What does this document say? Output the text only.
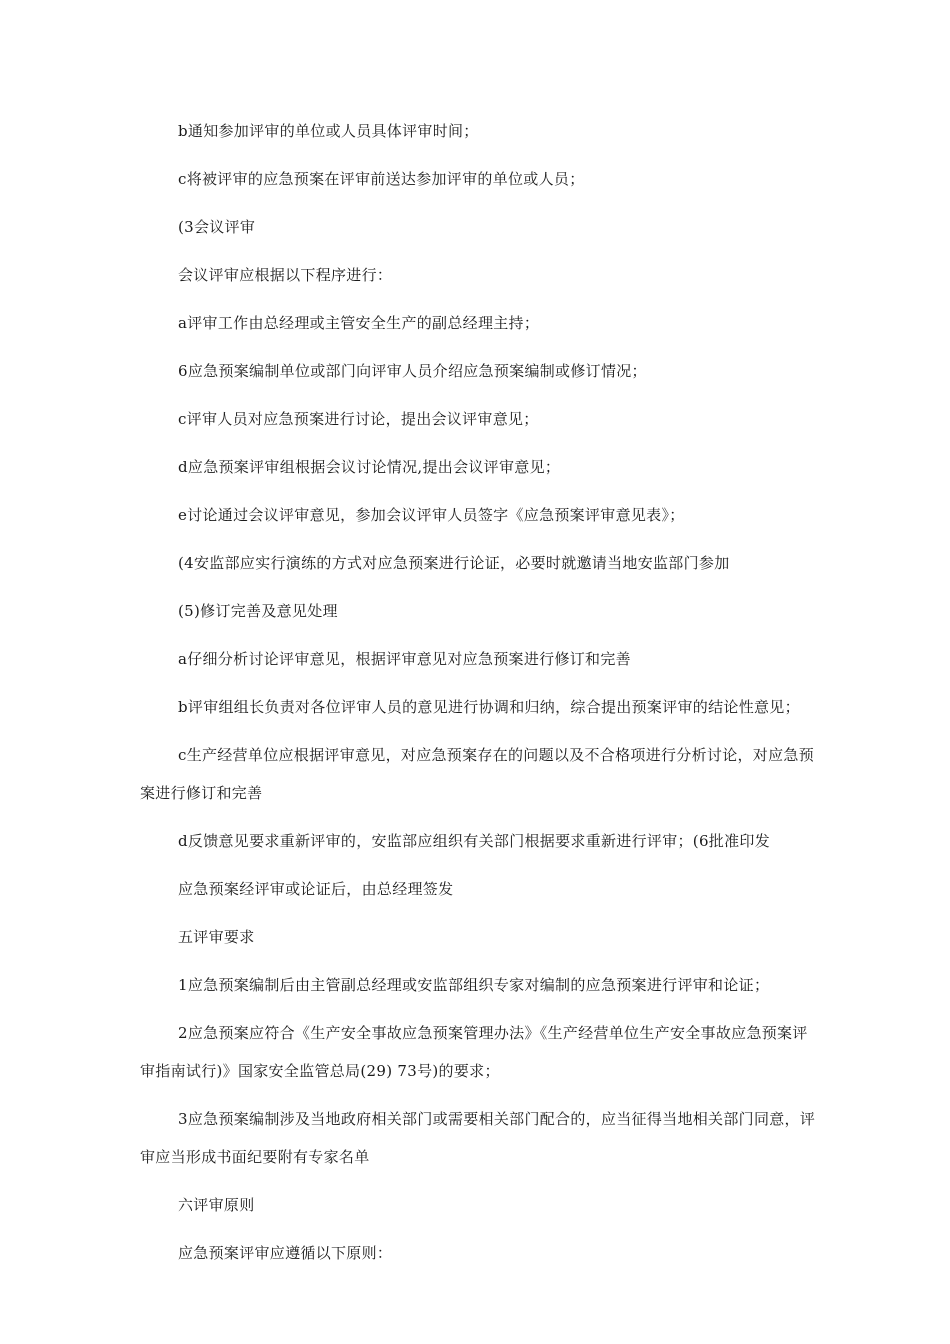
b通知参加评审的单位或人员具体评审时间；

c将被评审的应急预案在评审前送达参加评审的单位或人员；

(3会议评审

会议评审应根据以下程序进行：

a评审工作由总经理或主管安全生产的副总经理主持；

6应急预案编制单位或部门向评审人员介绍应急预案编制或修订情况；

c评审人员对应急预案进行讨论，提出会议评审意见；

d应急预案评审组根据会议讨论情况,提出会议评审意见；

e讨论通过会议评审意见，参加会议评审人员签字《应急预案评审意见表》；

(4安监部应实行演练的方式对应急预案进行论证，必要时就邀请当地安监部门参加

(5)修订完善及意见处理

a仔细分析讨论评审意见，根据评审意见对应急预案进行修订和完善

b评审组组长负责对各位评审人员的意见进行协调和归纳，综合提出预案评审的结论性意见；

c生产经营单位应根据评审意见，对应急预案存在的问题以及不合格项进行分析讨论，对应急预案进行修订和完善

d反馈意见要求重新评审的，安监部应组织有关部门根据要求重新进行评审；(6批准印发

应急预案经评审或论证后，由总经理签发

五评审要求

1应急预案编制后由主管副总经理或安监部组织专家对编制的应急预案进行评审和论证；

2应急预案应符合《生产安全事故应急预案管理办法》《生产经营单位生产安全事故应急预案评审指南试行)》国家安全监管总局(29) 73号)的要求；

3应急预案编制涉及当地政府相关部门或需要相关部门配合的，应当征得当地相关部门同意，评审应当形成书面纪要附有专家名单

六评审原则

应急预案评审应遵循以下原则：
